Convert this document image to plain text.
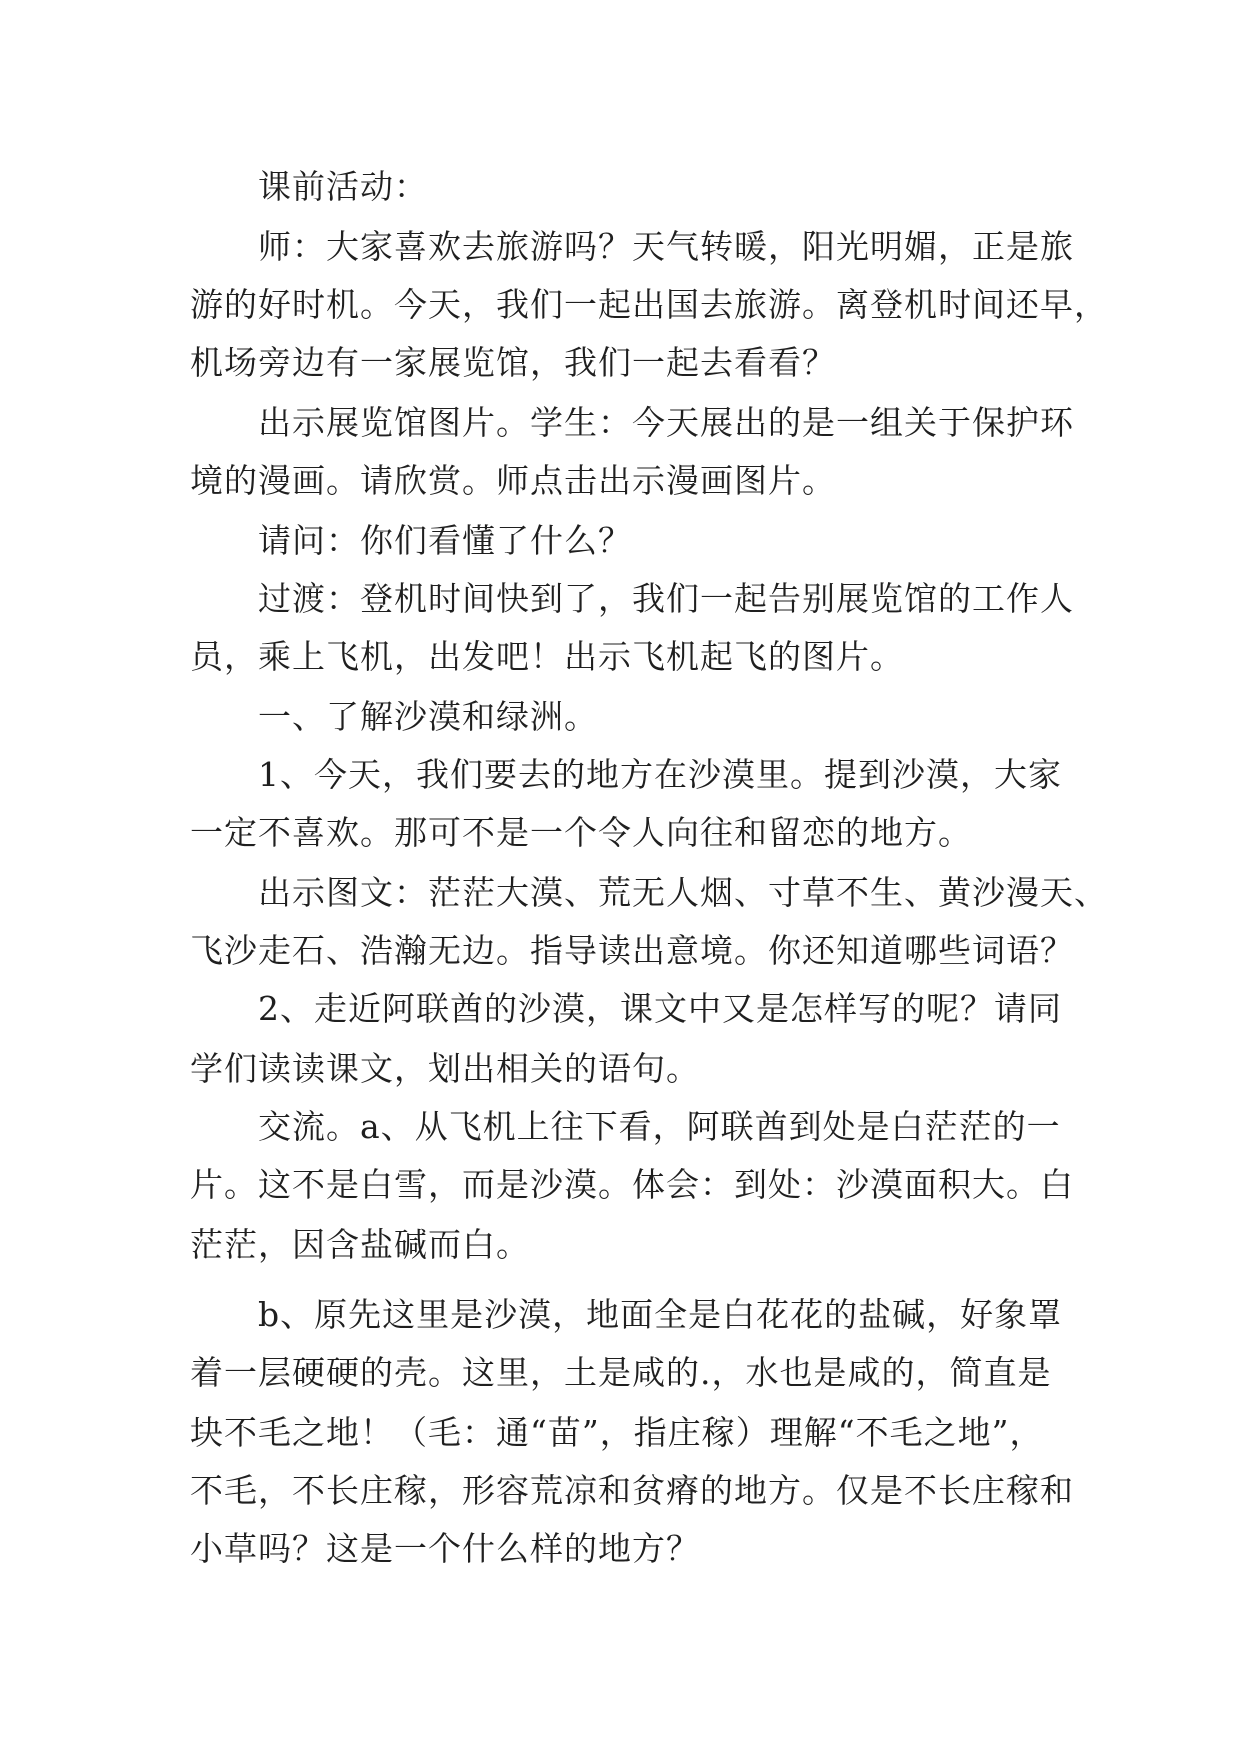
课前活动：
师：大家喜欢去旅游吗？天气转暖，阳光明媚，正是旅
游的好时机。今天，我们一起出国去旅游。离登机时间还早，
机场旁边有一家展览馆，我们一起去看看？
出示展览馆图片。学生：今天展出的是一组关于保护环
境的漫画。请欣赏。师点击出示漫画图片。
请问：你们看懂了什么？
过渡：登机时间快到了，我们一起告别展览馆的工作人
员，乘上飞机，出发吧！出示飞机起飞的图片。
一、了解沙漠和绿洲。
1、今天，我们要去的地方在沙漠里。提到沙漠，大家
一定不喜欢。那可不是一个令人向往和留恋的地方。
出示图文：茫茫大漠、荒无人烟、寸草不生、黄沙漫天、
飞沙走石、浩瀚无边。指导读出意境。你还知道哪些词语？
2、走近阿联酋的沙漠，课文中又是怎样写的呢？请同
学们读读课文，划出相关的语句。
交流。a、从飞机上往下看，阿联酋到处是白茫茫的一
片。这不是白雪，而是沙漠。体会：到处：沙漠面积大。白
茫茫，因含盐碱而白。
b、原先这里是沙漠，地面全是白花花的盐碱，好象罩
着一层硬硬的壳。这里，土是咸的.，水也是咸的，简直是
块不毛之地！（毛：通“苗”，指庄稼）理解“不毛之地”，
不毛，不长庄稼，形容荒凉和贫瘠的地方。仅是不长庄稼和
小草吗？这是一个什么样的地方？
